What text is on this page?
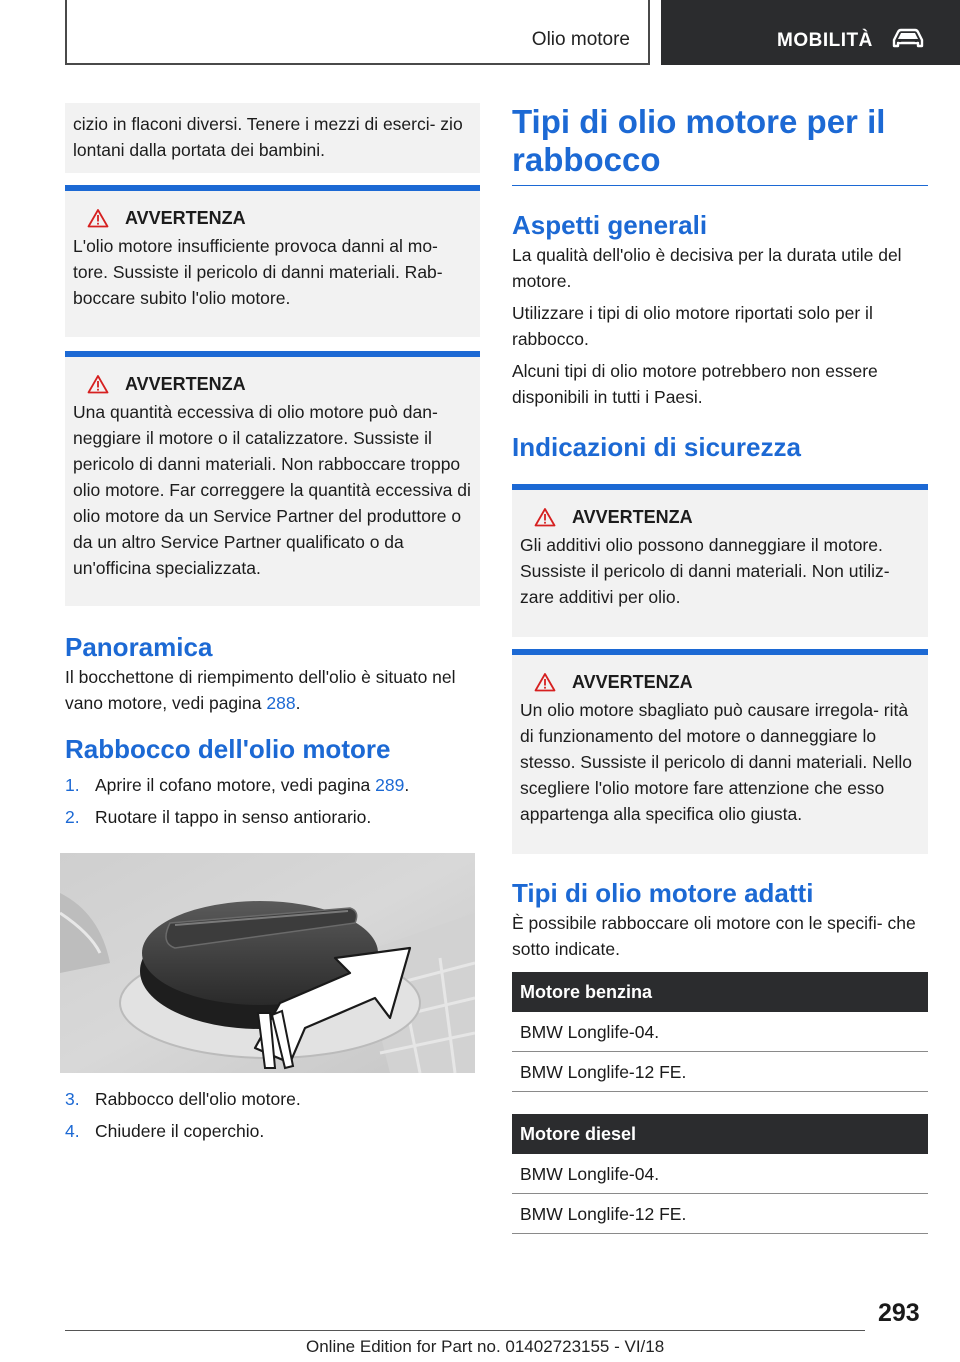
Olio motore	MOBILITÀ
cizio in flaconi diversi. Tenere i mezzi di eserci‐ zio lontani dalla portata dei bambini.
AVVERTENZA
L'olio motore insufficiente provoca danni al mo‐ tore. Sussiste il pericolo di danni materiali. Rab‐ boccare subito l'olio motore.
AVVERTENZA
Una quantità eccessiva di olio motore può dan‐ neggiare il motore o il catalizzatore. Sussiste il pericolo di danni materiali. Non rabboccare troppo olio motore. Far correggere la quantità eccessiva di olio motore da un Service Partner del produttore o da un altro Service Partner qualificato o da un'officina specializzata.
Panoramica

Il bocchettone di riempimento dell'olio è situato nel vano motore, vedi pagina 288.

Rabbocco dell'olio motore
1. Aprire il cofano motore, vedi pagina 289.
2. Ruotare il tappo in senso antiorario.
3. Rabbocco dell'olio motore.
4. Chiudere il coperchio.
Tipi di olio motore per il rabbocco
Aspetti generali

La qualità dell'olio è decisiva per la durata utile del motore.

Utilizzare i tipi di olio motore riportati solo per il rabbocco.

Alcuni tipi di olio motore potrebbero non essere disponibili in tutti i Paesi.

Indicazioni di sicurezza
AVVERTENZA
Gli additivi olio possono danneggiare il motore. Sussiste il pericolo di danni materiali. Non utiliz‐ zare additivi per olio.
AVVERTENZA
Un olio motore sbagliato può causare irregola‐ rità di funzionamento del motore o danneggiare lo stesso. Sussiste il pericolo di danni materiali. Nello scegliere l'olio motore fare attenzione che esso appartenga alla specifica olio giusta.
Tipi di olio motore adatti

È possibile rabboccare oli motore con le specifi‐ che sotto indicate.

Motore benzina
BMW Longlife-04.
BMW Longlife-12 FE.
Motore diesel
BMW Longlife-04.
BMW Longlife-12 FE.
293
Online Edition for Part no. 01402723155 - VI/18
